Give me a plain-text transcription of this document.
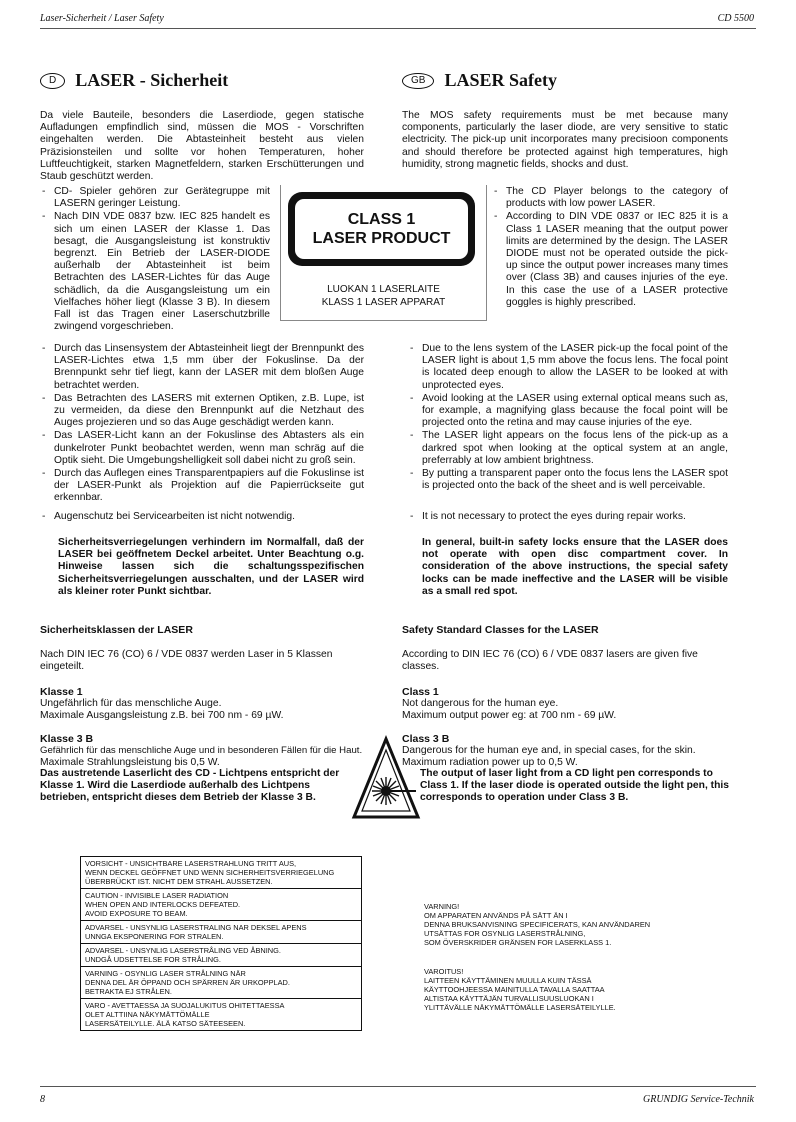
Laser-Sicherheit / Laser Safety	CD 5500
D	LASER - Sicherheit	GB	LASER Safety

Da viele Bauteile, besonders die Laserdiode, gegen statische Aufladungen empfindlich sind, müssen die MOS - Vorschriften eingehalten werden. Die Abtasteinheit besteht aus vielen Präzisionsteilen und sollte vor hohen Temperaturen, hoher Luftfeuchtigkeit, starken Magnetfeldern, starken Erschütterungen und Staub geschützt werden.

The MOS safety requirements must be met because many components, particularly the laser diode, are very sensitive to static electricity. The pick-up unit incorporates many precisioon components and should therefore be protected against high temperatures, high humidity, strong magnetic fields, shocks and dust.

- CD- Spieler gehören zur Gerätegruppe mit LASERN geringer Leistung.
- Nach DIN VDE 0837 bzw. IEC 825 handelt es sich um einen LASER der Klasse 1. Das besagt, die Ausgangsleistung ist konstruktiv begrenzt. Ein Betrieb der LASER-DIODE außerhalb der Abtasteinheit ist beim Betrachten des LASER-Lichtes für das Auge schädlich, da die Ausgangsleistung um ein Vielfaches höher liegt (Klasse 3 B). In diesem Fall ist das Tragen einer Laserschutzbrille zwingend vorgeschrieben.
- The CD Player belongs to the category of products with low power LASER.
- According to DIN VDE 0837 or IEC 825 it is a Class 1 LASER meaning that the output power limits are determined by the design. The LASER DIODE must not be operated outside the pick-up since the output power increases many times over (Class 3B) and causes injuries of the eye. In this case the use of a LASER protective goggles is highly prescribed.
CLASS 1
LASER PRODUCT
LUOKAN 1 LASERLAITE
KLASS 1 LASER APPARAT
- Durch das Linsensystem der Abtasteinheit liegt der Brennpunkt des LASER-Lichtes etwa 1,5 mm über der Fokuslinse. Da der Brennpunkt sehr tief liegt, kann der LASER mit dem bloßen Auge betrachtet werden.
- Das Betrachten des LASERS mit externen Optiken, z.B. Lupe, ist zu vermeiden, da diese den Brennpunkt auf die Netzhaut des Auges projezieren und so das Auge geschädigt werden kann.
- Das LASER-Licht kann an der Fokuslinse des Abtasters als ein dunkelroter Punkt beobachtet werden, wenn man schräg auf die Optik sieht. Die Umgebungshelligkeit soll dabei nicht zu groß sein.
- Durch das Auflegen eines Transparentpapiers auf die Fokuslinse ist der LASER-Punkt als Projektion auf die Papierrückseite gut erkennbar.
- Due to the lens system of the LASER pick-up the focal point of the LASER light is about 1,5 mm above the focus lens. The focal point is located deep enough to allow the LASER to be looked at with unprotected eyes.
- Avoid looking at the LASER using external optical means such as, for example, a magnifying glass because the focal point will be projected onto the retina and may cause injuries of the eye.
- The LASER light appears on the focus lens of the pick-up as a darkred spot when looking at the optical system at an angle, preferrably at low ambient brightness.
- By putting a transparent paper onto the focus lens the LASER spot is projected onto the back of the sheet and is well perceivable.
- Augenschutz bei Servicearbeiten ist nicht notwendig.
-	It is not necessary to protect the eyes during repair works.

Sicherheitsverriegelungen verhindern im Normalfall, daß der LASER bei geöffnetem Deckel arbeitet. Unter Beachtung o.g. Hinweise lassen sich die schaltungsspezifischen Sicherheitsverriegelungen ausschalten, und der LASER wird als kleiner roter Punkt sichtbar.

In general, built-in safety locks ensure that the LASER does not operate with open disc compartment cover. In consideration of the above instructions, the special safety locks can be made ineffective and the LASER will be visible as a small red spot.

Sicherheitsklassen der LASER

Nach DIN IEC 76 (CO) 6 / VDE 0837 werden Laser in 5 Klassen eingeteilt.

Klasse 1

Ungefährlich für das menschliche Auge.

Maximale Ausgangsleistung z.B. bei 700 nm - 69 µW.

Klasse 3 B

Gefährlich für das menschliche Auge und in besonderen Fällen für die Haut.

Maximale Strahlungsleistung bis 0,5 W.

Das austretende Laserlicht des CD - Lichtpens entspricht der Klasse 1. Wird die Laserdiode außerhalb des Lichtpens betrieben, entspricht dieses dem Betrieb der Klasse 3 B.

Safety Standard Classes for the LASER

According to DIN IEC 76 (CO) 6 / VDE 0837 lasers are given five classes.

Class 1

Not dangerous for the human eye.

Maximum output power eg: at 700 nm - 69 µW.

Class 3 B

Dangerous for the human eye and, in special cases, for the skin.

Maximum radiation power up to 0,5 W.

The output of laser light from a CD light pen corresponds to Class 1. If the laser diode is operated outside the light pen, this corresponds to operation under Class 3 B.

VORSICHT - UNSICHTBARE LASERSTRAHLUNG TRITT AUS,
WENN DECKEL GEÖFFNET UND WENN SICHERHEITSVERRIEGELUNG
ÜBERBRÜCKT IST. NICHT DEM STRAHL AUSSETZEN.
CAUTION - INVISIBLE LASER RADIATION
WHEN OPEN AND INTERLOCKS DEFEATED.
AVOID EXPOSURE TO BEAM.
ADVARSEL - UNSYNLIG LASERSTRALING NAR DEKSEL APENS
UNNGA EKSPONERING FOR STRALEN.
ADVARSEL - UNSYNLIG LASERSTRÅLING VED ÅBNING.
UNDGÅ UDSETTELSE FOR STRÅLING.
VARNING - OSYNLIG LASER STRÅLNING NÄR
DENNA DEL ÄR ÖPPAND OCH SPÄRREN ÄR URKOPPLAD.
BETRAKTA EJ STRÅLEN.
VARO - AVETTAESSA JA SUOJALUKITUS OHITETTAESSA
OLET ALTTIINA NÄKYMÄTTÖMÄLLE
LASERSÄTEILYLLE. ÄLÄ KATSO SÄTEESEEN.
VARNING!
OM APPARATEN ANVÄNDS PÅ SÄTT ÄN I
DENNA BRUKSANVISNING SPECIFICERATS, KAN ANVÄNDAREN
UTSÄTTAS FOR OSYNLIG LASERSTRÅLNING,
SOM ÖVERSKRIDER GRÄNSEN FOR LASERKLASS 1.
VAROITUS!
LAITTEEN KÄYTTÄMINEN MUULLA KUIN TÄSSÄ
KÄYTTOOHJEESSA MAINITULLA TAVALLA SAATTAA
ALTISTAA KÄYTTÄJÄN TURVALLISUUSLUOKAN I
YLITTÄVÄLLE NÄKYMÄTTÖMÄLLE LASERSÄTEILYLLE.
8	GRUNDIG Service-Technik
